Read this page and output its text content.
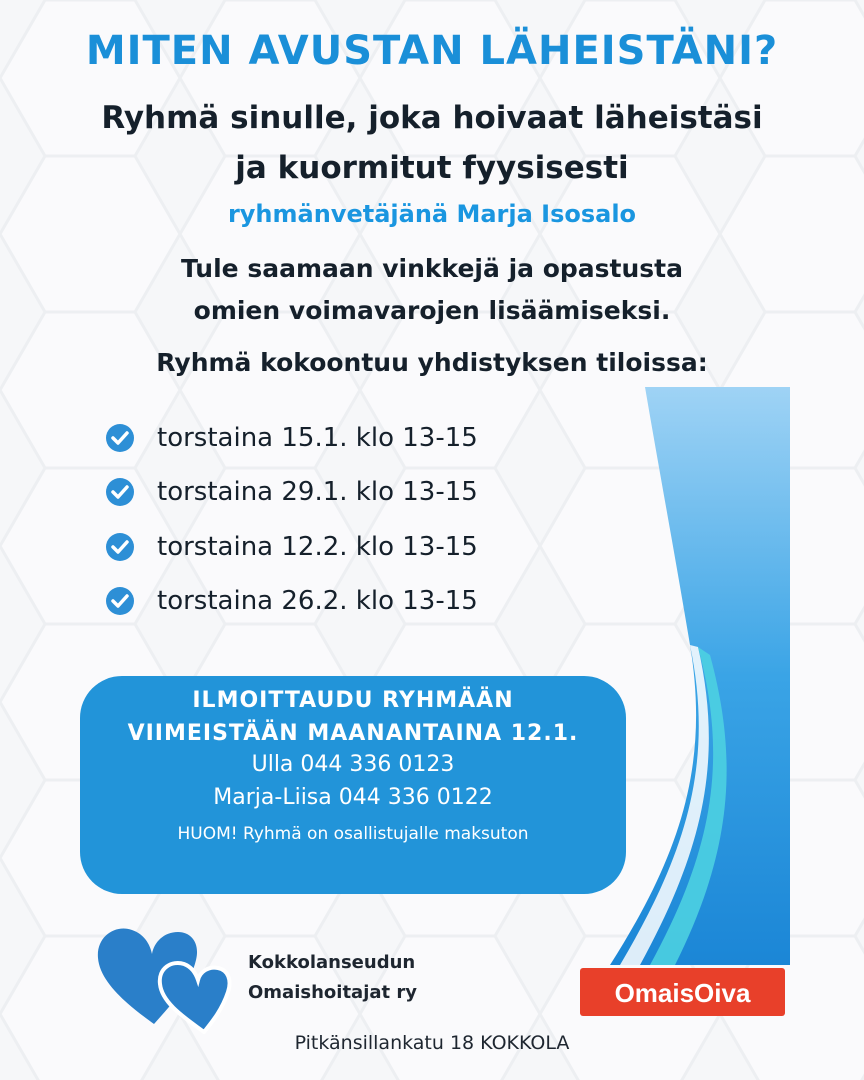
MITEN AVUSTAN LÄHEISTÄNI?
Ryhmä sinulle, joka hoivaat läheistäsi
ja kuormitut fyysisesti
ryhmänvetäjänä Marja Isosalo
Tule saamaan vinkkejä ja opastusta
omien voimavarojen lisäämiseksi.
Ryhmä kokoontuu yhdistyksen tiloissa:
torstaina 15.1. klo 13-15
torstaina 29.1. klo 13-15
torstaina 12.2. klo 13-15
torstaina 26.2. klo 13-15
ILMOITTAUDU RYHMÄÄN
VIIMEISTÄÄN MAANANTAINA 12.1.
Ulla 044 336 0123
Marja-Liisa 044 336 0122
HUOM! Ryhmä on osallistujalle maksuton
Kokkolanseudun
Omaishoitajat ry	OmaisOiva
Pitkänsillankatu 18 KOKKOLA
